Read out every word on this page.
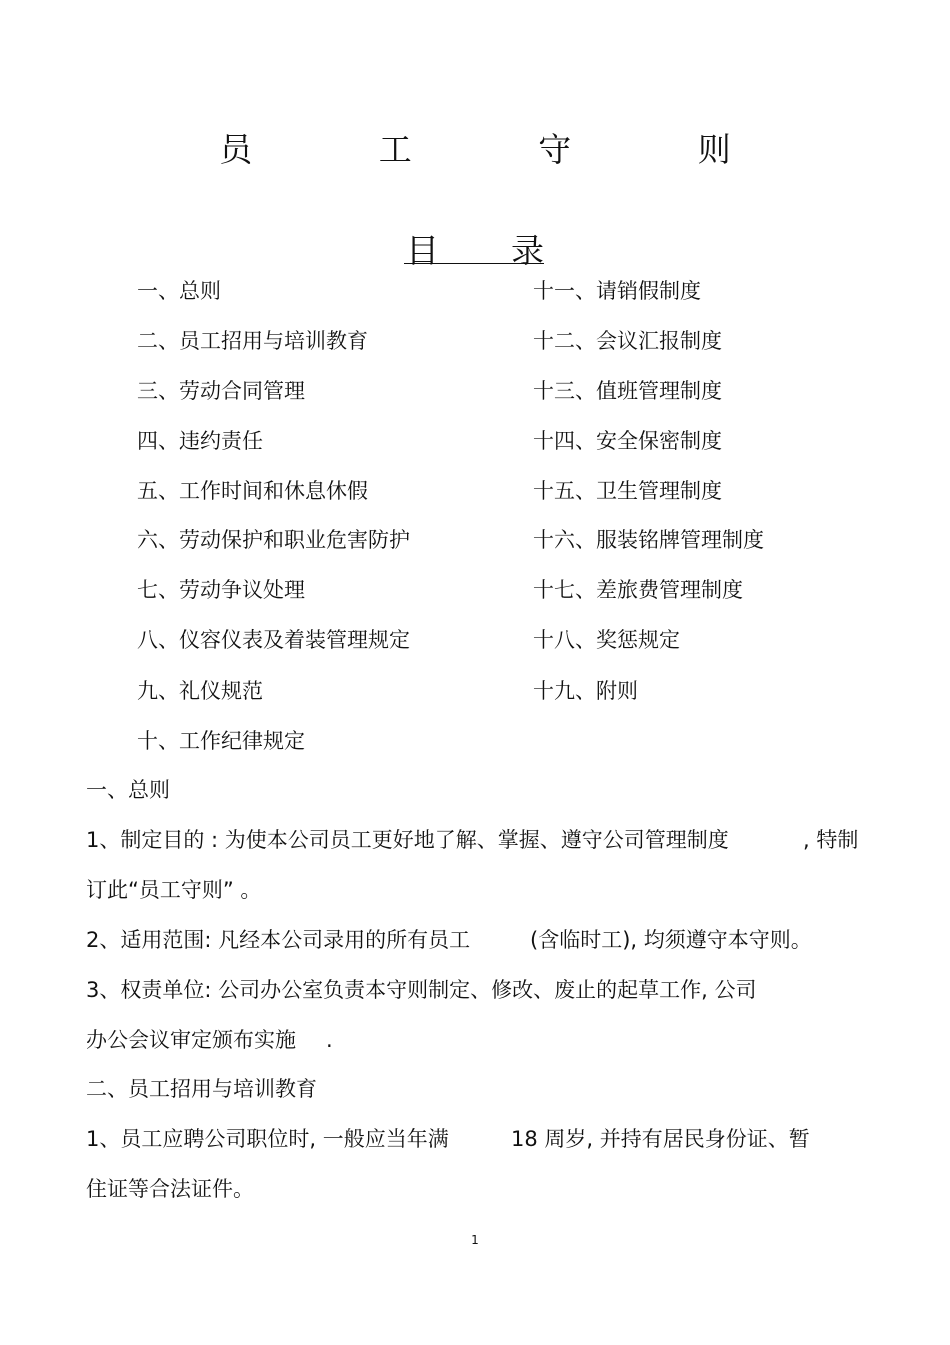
员 工 守 则
目 录
一、总则
二、员工招用与培训教育
三、劳动合同管理
四、违约责任
五、工作时间和休息休假
六、劳动保护和职业危害防护
七、劳动争议处理
八、仪容仪表及着装管理规定
九、礼仪规范
十、工作纪律规定
十一、请销假制度
十二、会议汇报制度
十三、值班管理制度
十四、安全保密制度
十五、卫生管理制度
十六、服装铭牌管理制度
十七、差旅费管理制度
十八、奖惩规定
十九、附则
一、总则
1、制定目的 : 为使本公司员工更好地了解、掌握、遵守公司管理制度	, 特制
订此“员工守则” 。
2、适用范围: 凡经本公司录用的所有员工	(含临时工), 均须遵守本守则。
3、权责单位: 公司办公室负责本守则制定、修改、废止的起草工作, 公司
办公会议审定颁布实施 .
二、员工招用与培训教育
1、员工应聘公司职位时, 一般应当年满	18 周岁, 并持有居民身份证、暂
住证等合法证件。
1
